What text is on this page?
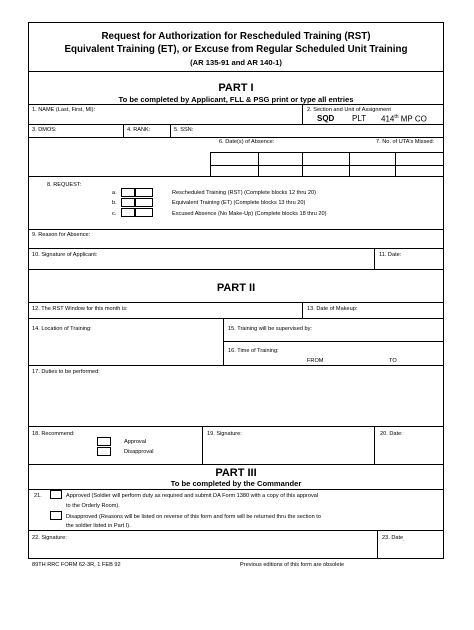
Request for Authorization for Rescheduled Training (RST)
Equivalent Training (ET), or Excuse from Regular Scheduled Unit Training
(AR 135-91 and AR 140-1)
PART I
To be completed by Applicant, FLL & PSG print or type all entries
1. NAME (Last, First, MI):	2. Section and Unit of Assignment
SQD PLT 414th MP CO
3. DMOS:	4. RANK:	5. SSN:
6. Date(s) of Absence:	7. No. of UTA's Missed:
8. REQUEST:
a.	Rescheduled Training (RST) (Complete blocks 12 thru 20)
b.	Equivalent Training (ET) (Complete blocks 13 thru 20)
c.	Excused Absence (No Make-Up) (Complete blocks 18 thru 20)
9. Reason for Absence:
10. Signature of Applicant:	11. Date:
PART II
12. The RST Window for this month is:	13. Date of Makeup:
14. Location of Training:	15. Training will be supervised by:
16. Time of Training:
FROM	TO
17. Duties to be performed:
18. Recommend:
Approval
Disapproval
19. Signature:	20. Date:
PART III
To be completed by the Commander
21.	Approved (Soldier will perform duty as required and submit DA Form 1380 with a copy of this approval
to the Orderly Room).
Disapproved (Reasons will be listed on reverse of this form and form will be returned thru the section to
the soldier listed in Part I).
22. Signature:	23. Date$_.$
89TH RRC FORM 62-3R, 1 FEB 92	Previous editions of this form are obsolete
